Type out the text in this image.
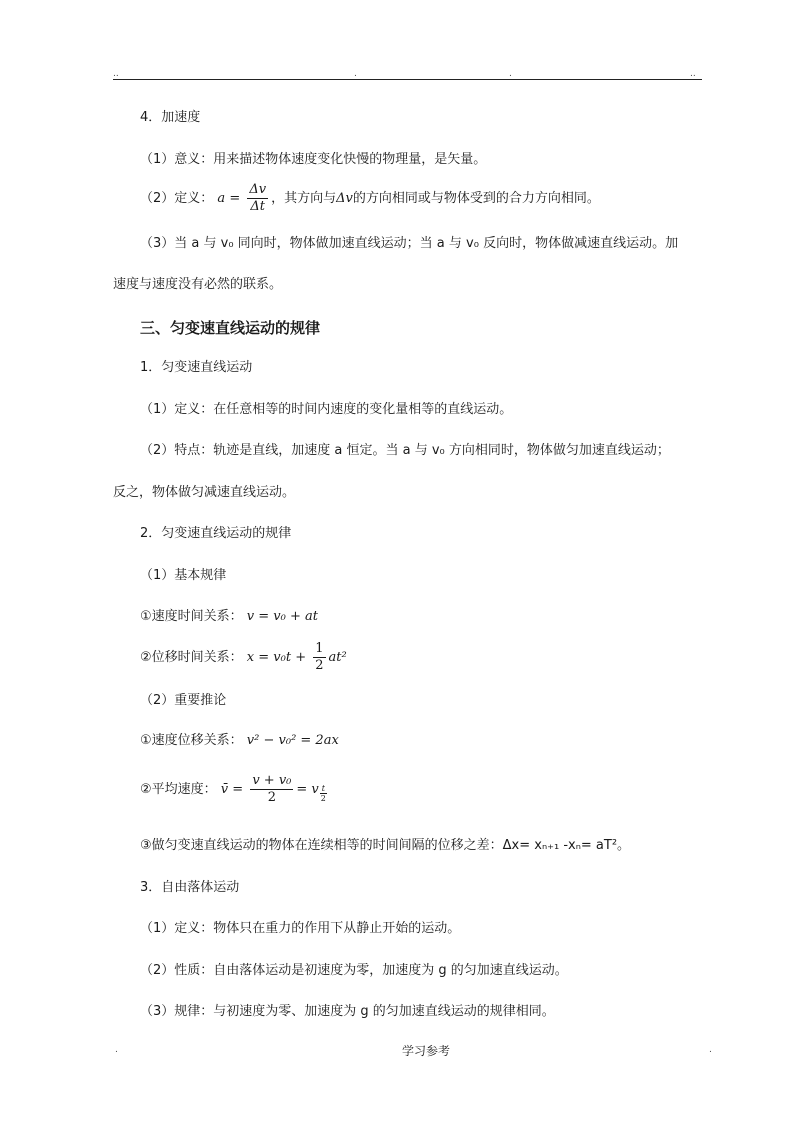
..	.	.	..
4．加速度
（1）意义：用来描述物体速度变化快慢的物理量，是矢量。
（2）定义： $a = \frac{\Delta v}{\Delta t}$ ，其方向与Δv的方向相同或与物体受到的合力方向相同。
（3）当 a 与 v₀ 同向时，物体做加速直线运动；当 a 与 v₀ 反向时，物体做减速直线运动。加
速度与速度没有必然的联系。
三、匀变速直线运动的规律
1．匀变速直线运动
（1）定义：在任意相等的时间内速度的变化量相等的直线运动。
（2）特点：轨迹是直线，加速度 a 恒定。当 a 与 v₀ 方向相同时，物体做匀加速直线运动；
反之，物体做匀减速直线运动。
2．匀变速直线运动的规律
（1）基本规律
①速度时间关系： v = v₀ + at
②位移时间关系： $x = v_0t + \frac{1}{2} at^2$
（2）重要推论
①速度位移关系： v² − v₀² = 2ax
②平均速度： v̄ = $\frac{\text{v + v₀}}{2} = v \frac{t}{2}$
③做匀变速直线运动的物体在连续相等的时间间隔的位移之差：Δx= xₙ₊₁ -xₙ= aT²。
3．自由落体运动
（1）定义：物体只在重力的作用下从静止开始的运动。
（2）性质：自由落体运动是初速度为零，加速度为 g 的匀加速直线运动。
（3）规律：与初速度为零、加速度为 g 的匀加速直线运动的规律相同。
.	学习参考	.
